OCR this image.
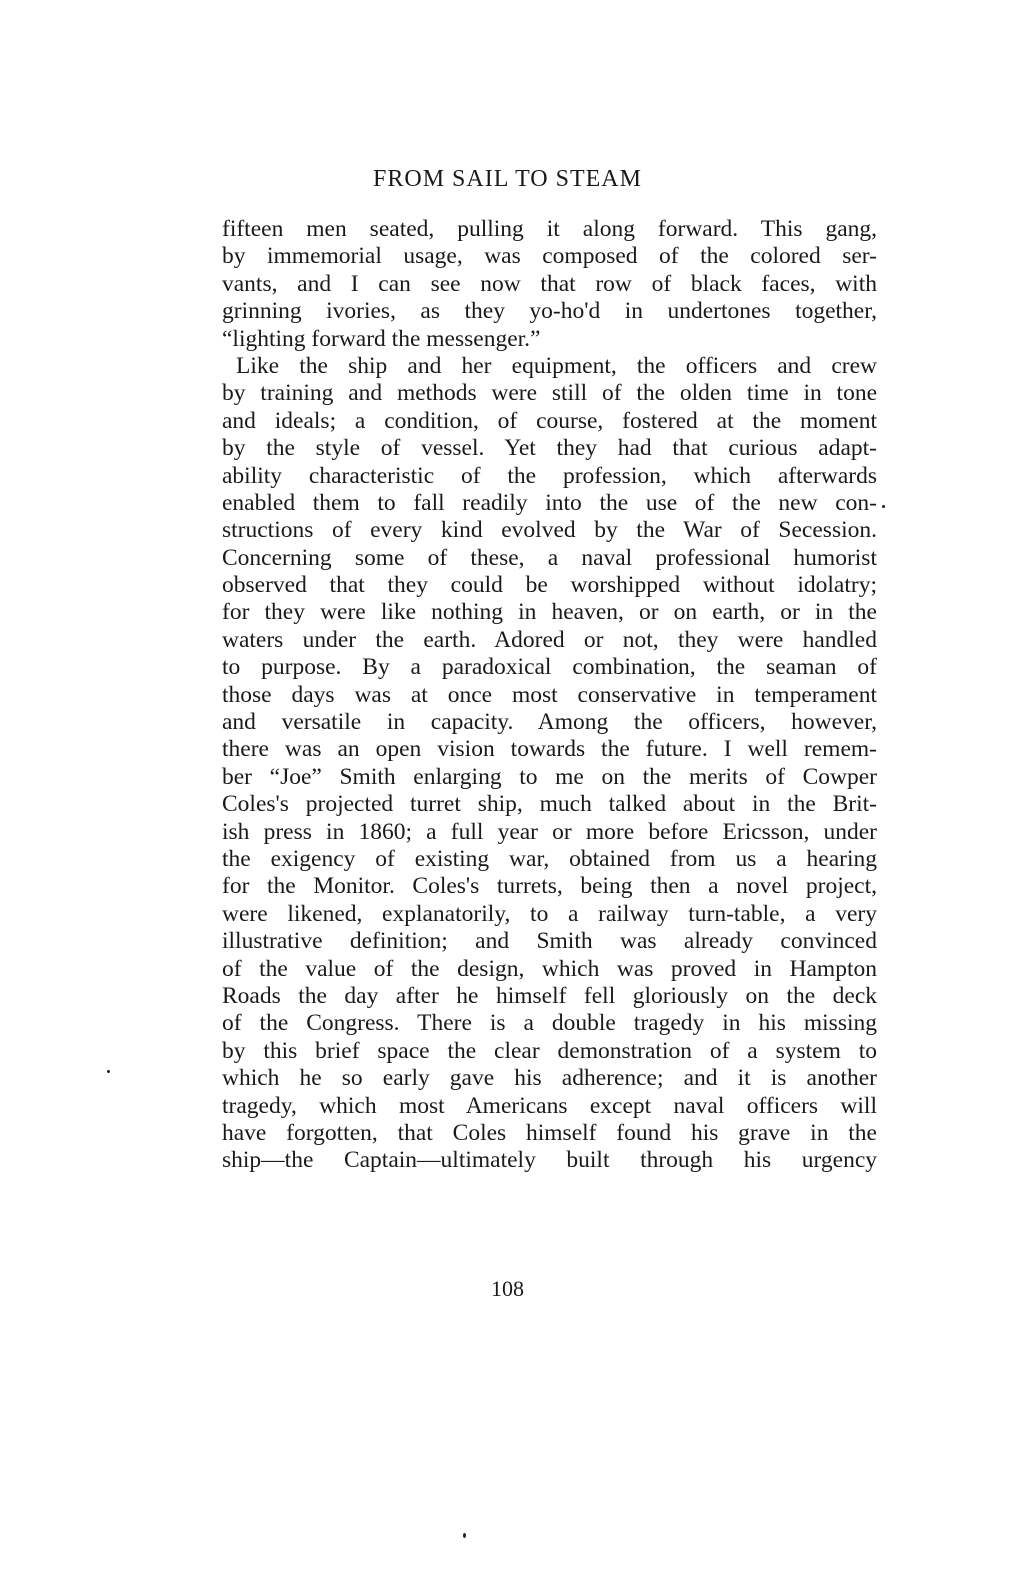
FROM SAIL TO STEAM
fifteen men seated, pulling it along forward. This gang,
by immemorial usage, was composed of the colored ser-
vants, and I can see now that row of black faces, with
grinning ivories, as they yo-ho'd in undertones together,
“lighting forward the messenger.”
Like the ship and her equipment, the officers and crew
by training and methods were still of the olden time in tone
and ideals; a condition, of course, fostered at the moment
by the style of vessel. Yet they had that curious adapt-
ability characteristic of the profession, which afterwards
enabled them to fall readily into the use of the new con-
structions of every kind evolved by the War of Secession.
Concerning some of these, a naval professional humorist
observed that they could be worshipped without idolatry;
for they were like nothing in heaven, or on earth, or in the
waters under the earth. Adored or not, they were handled
to purpose. By a paradoxical combination, the seaman of
those days was at once most conservative in temperament
and versatile in capacity. Among the officers, however,
there was an open vision towards the future. I well remem-
ber “Joe” Smith enlarging to me on the merits of Cowper
Coles's projected turret ship, much talked about in the Brit-
ish press in 1860; a full year or more before Ericsson, under
the exigency of existing war, obtained from us a hearing
for the Monitor. Coles's turrets, being then a novel project,
were likened, explanatorily, to a railway turn-table, a very
illustrative definition; and Smith was already convinced
of the value of the design, which was proved in Hampton
Roads the day after he himself fell gloriously on the deck
of the Congress. There is a double tragedy in his missing
by this brief space the clear demonstration of a system to
which he so early gave his adherence; and it is another
tragedy, which most Americans except naval officers will
have forgotten, that Coles himself found his grave in the
ship—the Captain—ultimately built through his urgency
108
